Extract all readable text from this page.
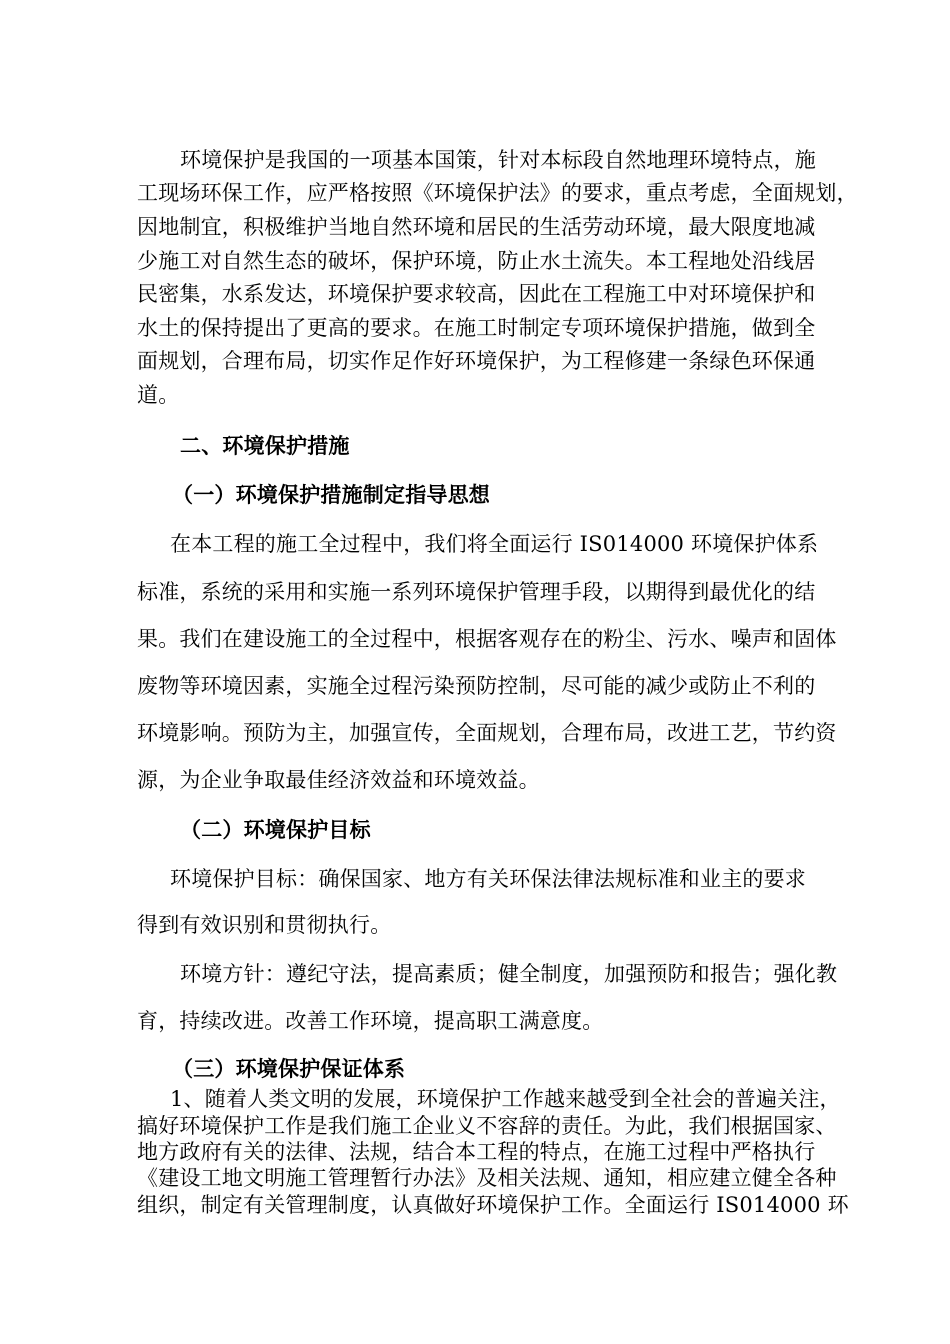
环境保护是我国的一项基本国策，针对本标段自然地理环境特点，施

工现场环保工作，应严格按照《环境保护法》的要求，重点考虑，全面规划，

因地制宜，积极维护当地自然环境和居民的生活劳动环境，最大限度地减

少施工对自然生态的破坏，保护环境，防止水土流失。本工程地处沿线居

民密集，水系发达，环境保护要求较高，因此在工程施工中对环境保护和

水土的保持提出了更高的要求。在施工时制定专项环境保护措施，做到全

面规划，合理布局，切实作足作好环境保护，为工程修建一条绿色环保通

道。

二、环境保护措施

（一）环境保护措施制定指导思想

在本工程的施工全过程中，我们将全面运行 IS014000 环境保护体系

标准，系统的采用和实施一系列环境保护管理手段，以期得到最优化的结

果。我们在建设施工的全过程中，根据客观存在的粉尘、污水、噪声和固体

废物等环境因素，实施全过程污染预防控制，尽可能的减少或防止不利的

环境影响。预防为主，加强宣传，全面规划，合理布局，改进工艺，节约资

源，为企业争取最佳经济效益和环境效益。

（二）环境保护目标

环境保护目标：确保国家、地方有关环保法律法规标准和业主的要求

得到有效识别和贯彻执行。

环境方针：遵纪守法，提高素质；健全制度，加强预防和报告；强化教

育，持续改进。改善工作环境，提高职工满意度。

（三）环境保护保证体系

1、随着人类文明的发展，环境保护工作越来越受到全社会的普遍关注，

搞好环境保护工作是我们施工企业义不容辞的责任。为此，我们根据国家、

地方政府有关的法律、法规，结合本工程的特点，在施工过程中严格执行

《建设工地文明施工管理暂行办法》及相关法规、通知，相应建立健全各种

组织，制定有关管理制度，认真做好环境保护工作。全面运行 IS014000 环
